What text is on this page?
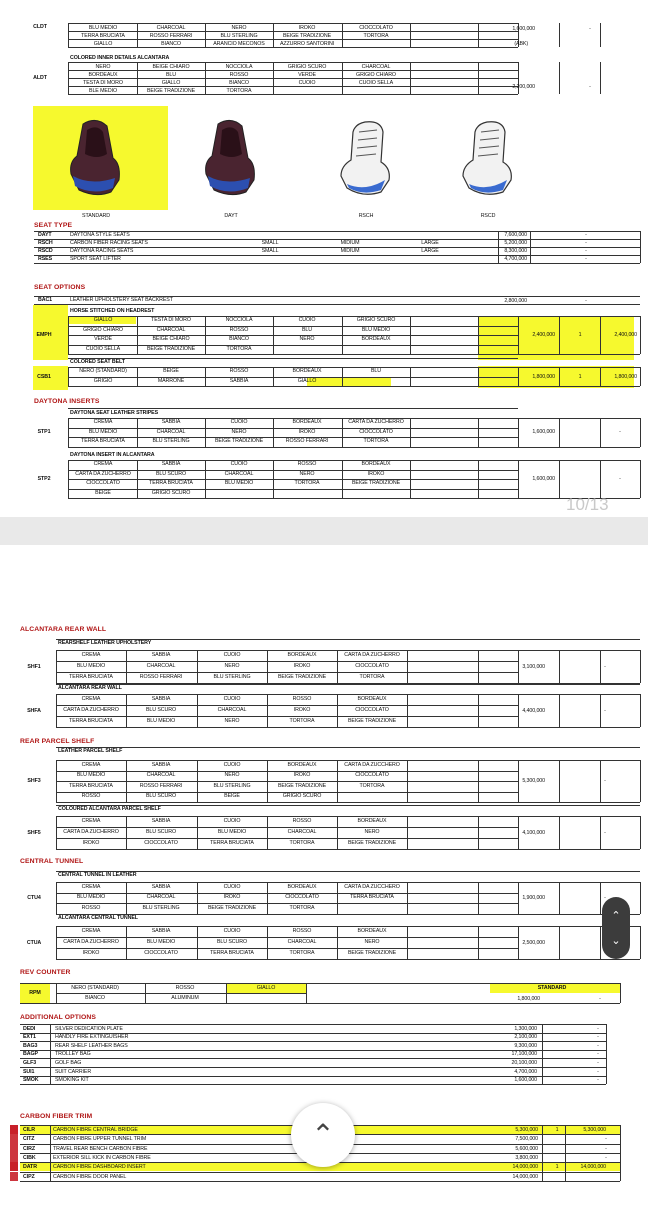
BLU MEDIO	CHARCOAL	NERO	IROKO	CIOCCOLATO
TERRA BRUCIATA	ROSSO FERRARI	BLU STERLING	BEIGE TRADIZIONE	TORTORA
GIALLO	BIANCO	ARANCIO MECONOS	AZZURRO SANTORINI
CLDT	1,600,000
(ABK)
-
COLORED INNER DETAILS ALCANTARA
NERO	BEIGE CHIARO	NOCCIOLA	GRIGIO SCURO	CHARCOAL
BORDEAUX	BLU	ROSSO	VERDE	GRIGIO CHIARO
TESTA DI MORO	GIALLO	BIANCO	CUOIO	CUOIO SELLA
BLE MEDIO	BEIGE TRADIZIONE	TORTORA
ALDT
2,200,000	-
STANDARD	DAYT	RSCH	RSCD
SEAT TYPE
DAYT	DAYTONA STYLE SEATS	7,600,000	-
RSCH	CARBON FIBER RACING SEATS	SMALL	MIDIUM	LARGE	5,200,000	-
RSCD	DAYTONA RACING SEATS	SMALL	MIDIUM	LARGE	8,300,000	-
RSES	SPORT SEAT LIFTER	4,700,000	-
SEAT OPTIONS
BAC1	LEATHER UPHOLSTERY SEAT BACKREST	2,800,000	-
HORSE STITCHED ON HEADREST
GIALLO	TESTA DI MORO	NOCCIOLA	CUOIO	GRIGIO SCURO
GRIGIO CHIARO	CHARCOAL	ROSSO	BLU	BLU MEDIO
VERDE	BEIGE CHIARO	BIANCO	NERO	BORDEAUX
CUOIO SELLA	BEIGE TRADIZIONE	TORTORA
EMPH	2,400,000	1	2,400,000
COLORED SEAT BELT
NERO (STANDARD)	BEIGE	ROSSO	BORDEAUX	BLU
GRIGIO	MARRONE	SABBIA	GIALLO
CSB1	1,800,000	1	1,800,000
DAYTONA INSERTS
DAYTONA SEAT LEATHER STRIPES
CREMA	SABBIA	CUOIO	BORDEAUX	CARTA DA ZUCHERRO
BLU MEDIO	CHARCOAL	NERO	IROKO	CIOCCOLATO
TERRA BRUCIATA	BLU STERLING	BEIGE TRADIZIONE	ROSSO FERRARI	TORTORA
STP1	1,600,000	-
DAYTONA INSERT IN ALCANTARA
CREMA	SABBIA	CUOIO	ROSSO	BORDEAUX
CARTA DA ZUCHERRO	BLU SCURO	CHARCOAL	NERO	IROKO
CIOCCOLATO	TERRA BRUCIATA	BLU MEDIO	TORTORA	BEIGE TRADIZIONE
BEIGE	GRIGIO SCURO
STP2	1,600,000	-
10/13
ALCANTARA REAR WALL
REARSHELF LEATHER UPHOLSTERY
CREMA	SABBIA	CUOIO	BORDEAUX	CARTA DA ZUCHERRO
BLU MEDIO	CHARCOAL	NERO	IROKO	CIOCCOLATO
TERRA BRUCIATA	ROSSO FERRARI	BLU STERLING	BEIGE TRADIZIONE	TORTORA
SHF1	3,100,000	-
ALCANTARA REAR WALL
CREMA	SABBIA	CUOIO	ROSSO	BORDEAUX
CARTA DA ZUCHERRO	BLU SCURO	CHARCOAL	IROKO	CIOCCOLATO
TERRA BRUCIATA	BLU MEDIO	NERO	TORTORA	BEIGE TRADIZIONE
SHFA	4,400,000	-
REAR PARCEL SHELF
LEATHER PARCEL SHELF
CREMA	SABBIA	CUOIO	BORDEAUX	CARTA DA ZUCCHERO
BLU MEDIO	CHARCOAL	NERO	IROKO	CIOCCOLATO
TERRA BRUCIATA	ROSSO FERRARI	BLU STERLING	BEIGE TRADIZIONE	TORTORA
ROSSO	BLU SCURO	BEIGE	GRIGIO SCURO
SHF3	5,300,000	-
COLOURED ALCANTARA PARCEL SHELF
CREMA	SABBIA	CUOIO	ROSSO	BORDEAUX
CARTA DA ZUCHERRO	BLU SCURO	BLU MEDIO	CHARCOAL	NERO
IROKO	CIOCCOLATO	TERRA BRUCIATA	TORTORA	BEIGE TRADIZIONE
SHF5	4,100,000	-
CENTRAL TUNNEL
CENTRAL TUNNEL IN LEATHER
CREMA	SABBIA	CUOIO	BORDEAUX	CARTA DA ZUCCHERO
BLU MEDIO	CHARCOAL	IROKO	CIOCCOLATO	TERRA BRUCIATA
ROSSO	BLU STERLING	BEIGE TRADIZIONE	TORTORA
CTU4	1,900,000	-
ALCANTARA CENTRAL TUNNEL
CREMA	SABBIA	CUOIO	ROSSO	BORDEAUX
CARTA DA ZUCHERRO	BLU MEDIO	BLU SCURO	CHARCOAL	NERO
IROKO	CIOCCOLATO	TERRA BRUCIATA	TORTORA	BEIGE TRADIZIONE
CTUA	2,500,000
REV COUNTER
RPM
NERO (STANDARD)	ROSSO	GIALLO
BIANCO	ALUMINUM
STANDARD
1,800,000	-
ADDITIONAL OPTIONS
DEDI	SILVER DEDICATION PLATE	1,300,000	-
EXT1	HANDLY FIRE EXTINGUISHER	2,100,000	-
BAG3	REAR SHELF LEATHER BAGS	9,300,000	-
BAGP	TROLLEY BAG	17,100,000	-
GLF3	GOLF BAG	20,100,000	-
SUI1	SUIT CARRIER	4,700,000	-
SMOK	SMOKING KIT	1,600,000	-
CARBON FIBER TRIM
CILR	CARBON FIBRE CENTRAL BRIDGE	5,300,000	1	5,300,000
CITZ	CARBON FIBRE UPPER TUNNEL TRIM	7,500,000	-
CIRZ	TRAVEL REAR BENCH CARBON FIBRE	5,600,000	-
CIBK	EXTERIOR SILL KICK IN CARBON FIBRE	3,800,000	-
DATR	CARBON FIBRE DASHBOARD INSERT	14,000,000	1	14,000,000
CIPZ	CARBON FIBRE DOOR PANEL	14,000,000
⌃
⌄
⌃
